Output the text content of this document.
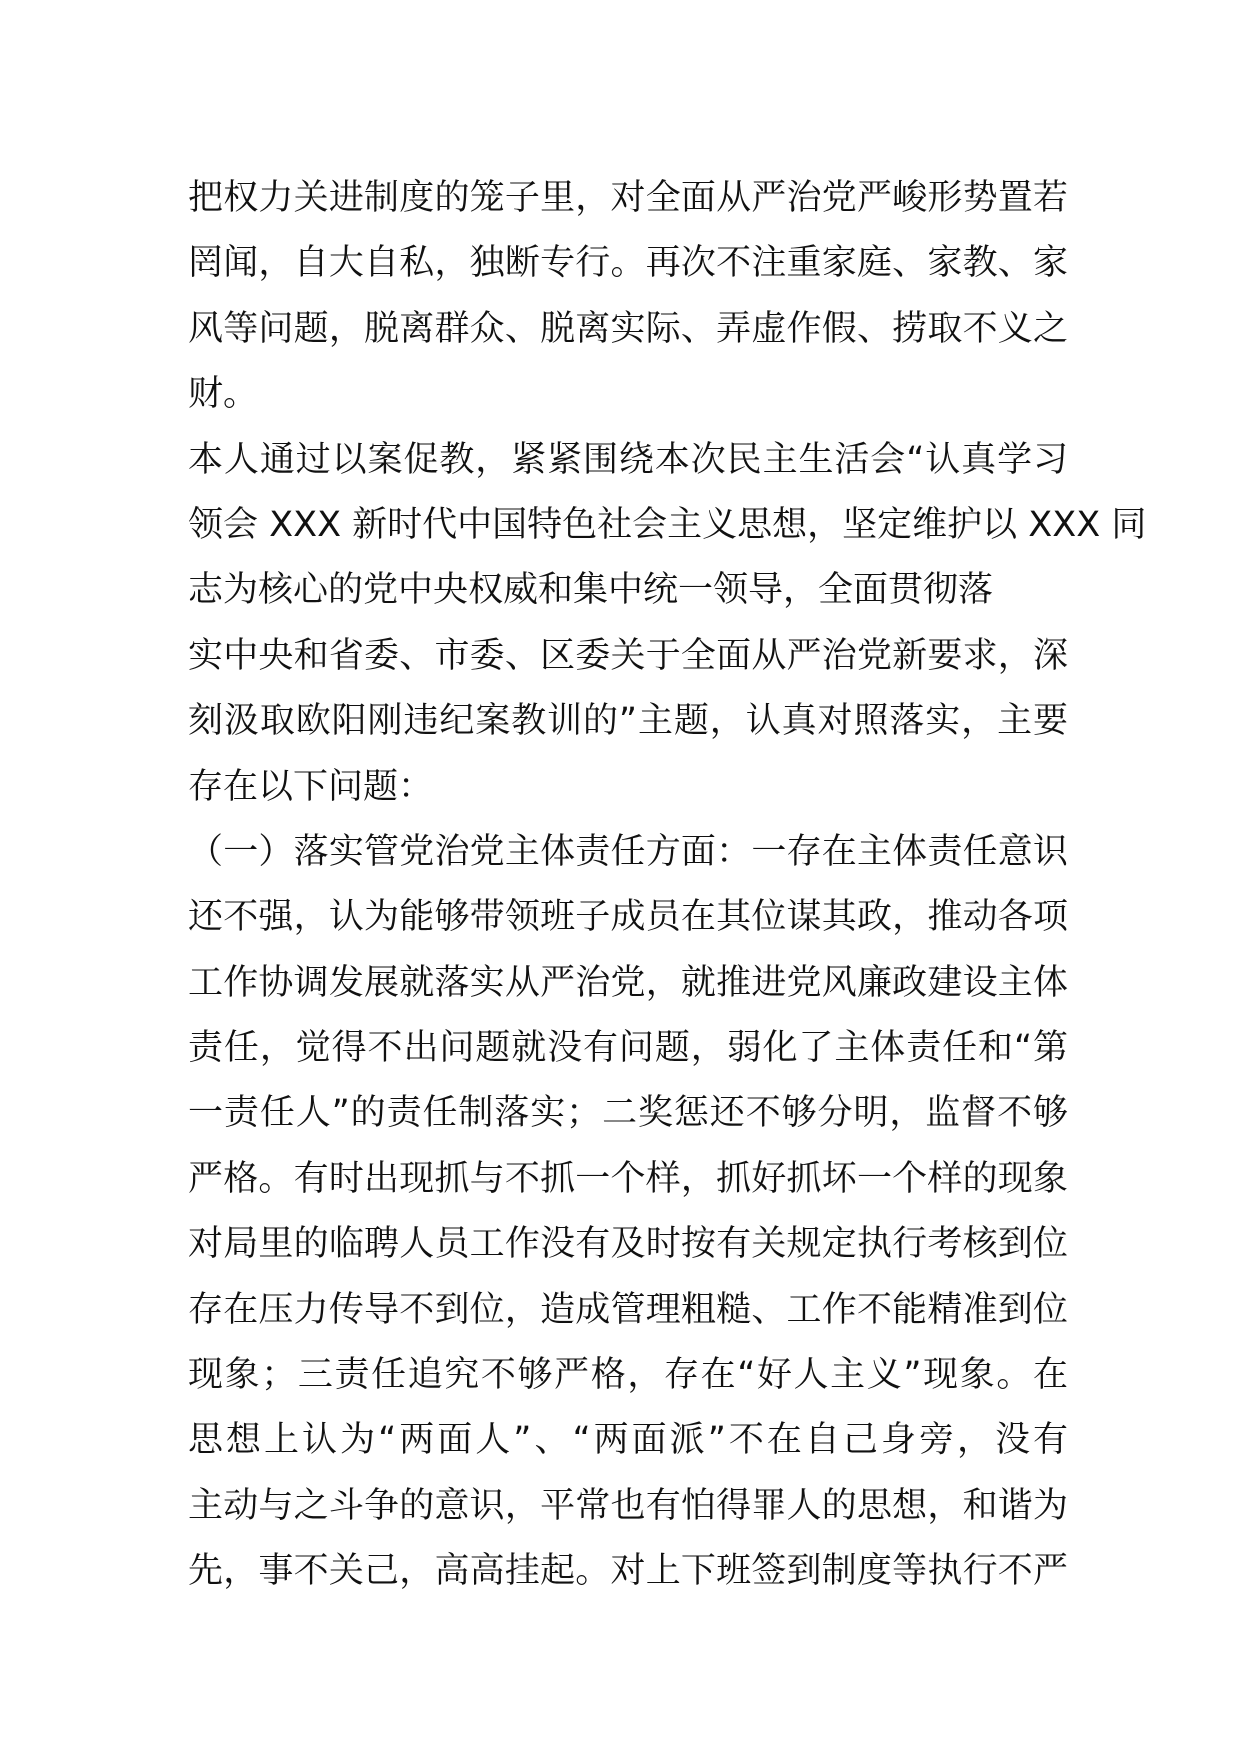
把权力关进制度的笼子里，对全面从严治党严峻形势置若
罔闻，自大自私，独断专行。再次不注重家庭、家教、家
风等问题，脱离群众、脱离实际、弄虚作假、捞取不义之
财。
本人通过以案促教，紧紧围绕本次民主生活会“认真学习
领会 XXX 新时代中国特色社会主义思想，坚定维护以 XXX 同
志为核心的党中央权威和集中统一领导，全面贯彻落
实中央和省委、市委、区委关于全面从严治党新要求，深
刻汲取欧阳刚违纪案教训的”主题，认真对照落实，主要
存在以下问题：
（一）落实管党治党主体责任方面：一存在主体责任意识
还不强，认为能够带领班子成员在其位谋其政，推动各项
工作协调发展就落实从严治党，就推进党风廉政建设主体
责任，觉得不出问题就没有问题，弱化了主体责任和“第
一责任人”的责任制落实；二奖惩还不够分明，监督不够
严格。有时出现抓与不抓一个样，抓好抓坏一个样的现象
对局里的临聘人员工作没有及时按有关规定执行考核到位
存在压力传导不到位，造成管理粗糙、工作不能精准到位
现象；三责任追究不够严格，存在“好人主义”现象。在
思想上认为“两面人”、“两面派”不在自己身旁，没有
主动与之斗争的意识，平常也有怕得罪人的思想，和谐为
先，事不关己，高高挂起。对上下班签到制度等执行不严
